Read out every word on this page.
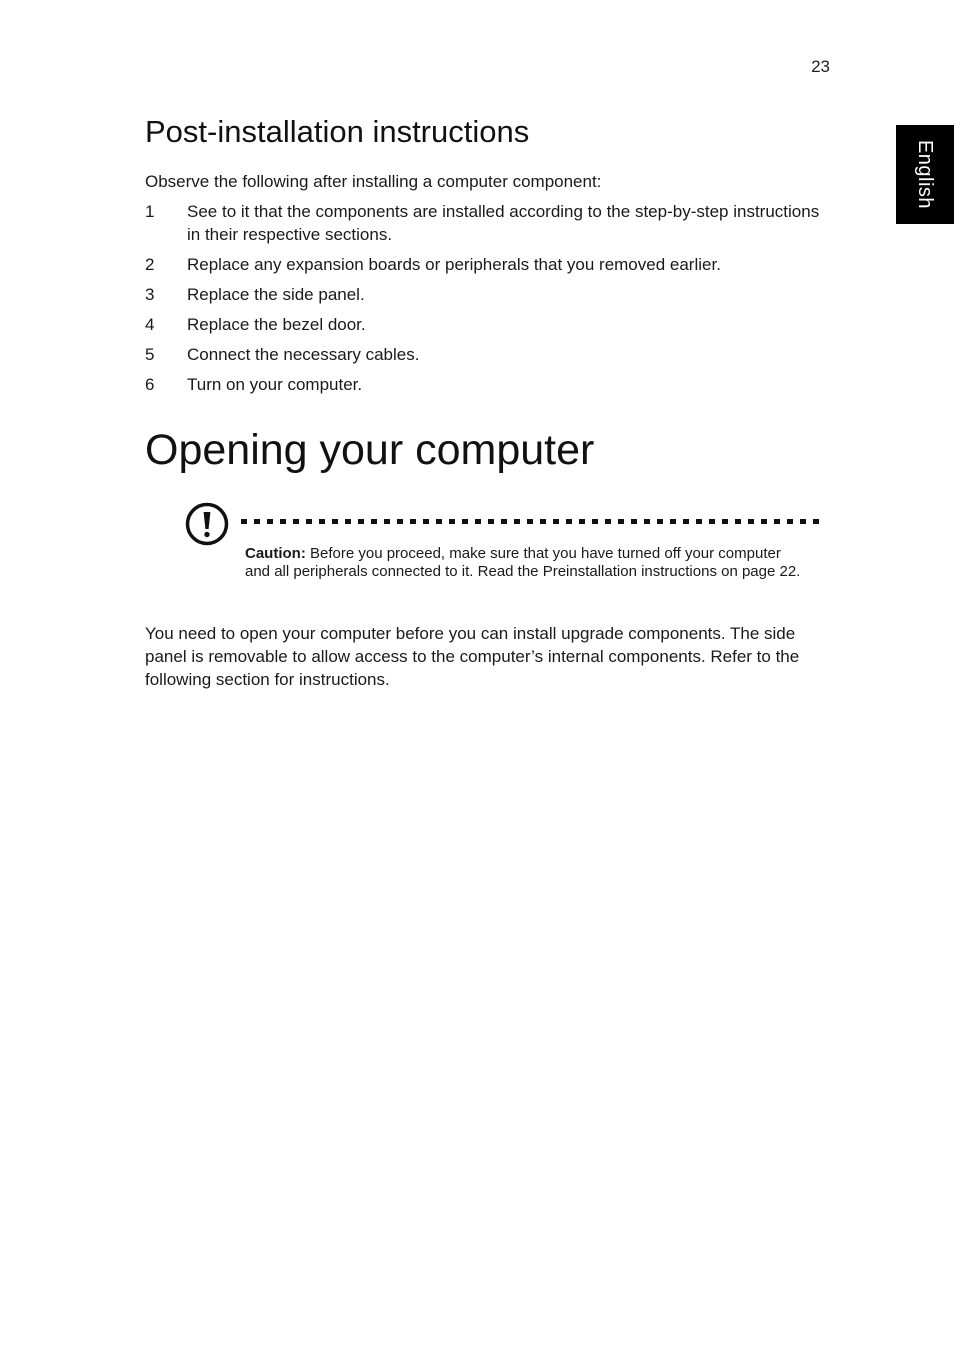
23
English
Post-installation instructions

Observe the following after installing a computer component:

1	See to it that the components are installed according to the step-by-step instructions in their respective sections.
2	Replace any expansion boards or peripherals that you removed earlier.
3	Replace the side panel.
4	Replace the bezel door.
5	Connect the necessary cables.
6	Turn on your computer.
Opening your computer

Caution: Before you proceed, make sure that you have turned off your computer and all peripherals connected to it. Read the Preinstallation instructions on page 22.

You need to open your computer before you can install upgrade components. The side panel is removable to allow access to the computer’s internal components. Refer to the following section for instructions.
